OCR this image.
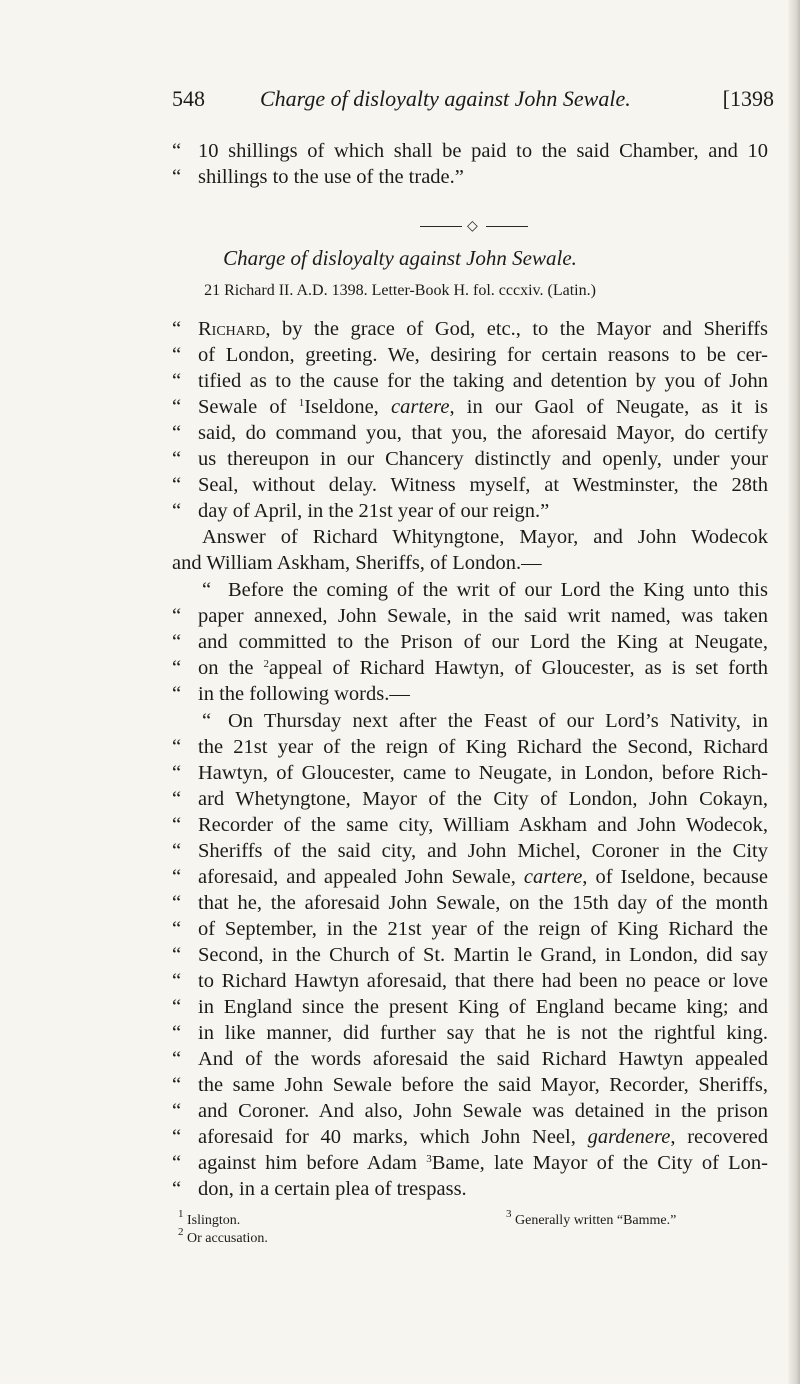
548	Charge of disloyalty against John Sewale.	[1398
“ 10 shillings of which shall be paid to the said Chamber, and 10
“ shillings to the use of the trade.”
◇
Charge of disloyalty against John Sewale.
21 Richard II. A.D. 1398. Letter-Book H. fol. cccxiv. (Latin.)
“ Richard, by the grace of God, etc., to the Mayor and Sheriffs
“ of London, greeting. We, desiring for certain reasons to be cer-
“ tified as to the cause for the taking and detention by you of John
“ Sewale of $^1$Iseldone, cartere, in our Gaol of Neugate, as it is
“ said, do command you, that you, the aforesaid Mayor, do certify
“ us thereupon in our Chancery distinctly and openly, under your
“ Seal, without delay. Witness myself, at Westminster, the 28th
“ day of April, in the 21st year of our reign.”
Answer of Richard Whityngtone, Mayor, and John Wodecok
and William Askham, Sheriffs, of London.—
“ Before the coming of the writ of our Lord the King unto this
“ paper annexed, John Sewale, in the said writ named, was taken
“ and committed to the Prison of our Lord the King at Neugate,
“ on the $^2$appeal of Richard Hawtyn, of Gloucester, as is set forth
“ in the following words.—
“ On Thursday next after the Feast of our Lord’s Nativity, in
“ the 21st year of the reign of King Richard the Second, Richard
“ Hawtyn, of Gloucester, came to Neugate, in London, before Rich-
“ ard Whetyngtone, Mayor of the City of London, John Cokayn,
“ Recorder of the same city, William Askham and John Wodecok,
“ Sheriffs of the said city, and John Michel, Coroner in the City
“ aforesaid, and appealed John Sewale, cartere, of Iseldone, because
“ that he, the aforesaid John Sewale, on the 15th day of the month
“ of September, in the 21st year of the reign of King Richard the
“ Second, in the Church of St. Martin le Grand, in London, did say
“ to Richard Hawtyn aforesaid, that there had been no peace or love
“ in England since the present King of England became king; and
“ in like manner, did further say that he is not the rightful king.
“ And of the words aforesaid the said Richard Hawtyn appealed
“ the same John Sewale before the said Mayor, Recorder, Sheriffs,
“ and Coroner. And also, John Sewale was detained in the prison
“ aforesaid for 40 marks, which John Neel, gardenere, recovered
“ against him before Adam $^3$Bame, late Mayor of the City of Lon-
“ don, in a certain plea of trespass.
$^1$ Islington.
$^2$ Or accusation.
$^3$ Generally written “Bamme.”
